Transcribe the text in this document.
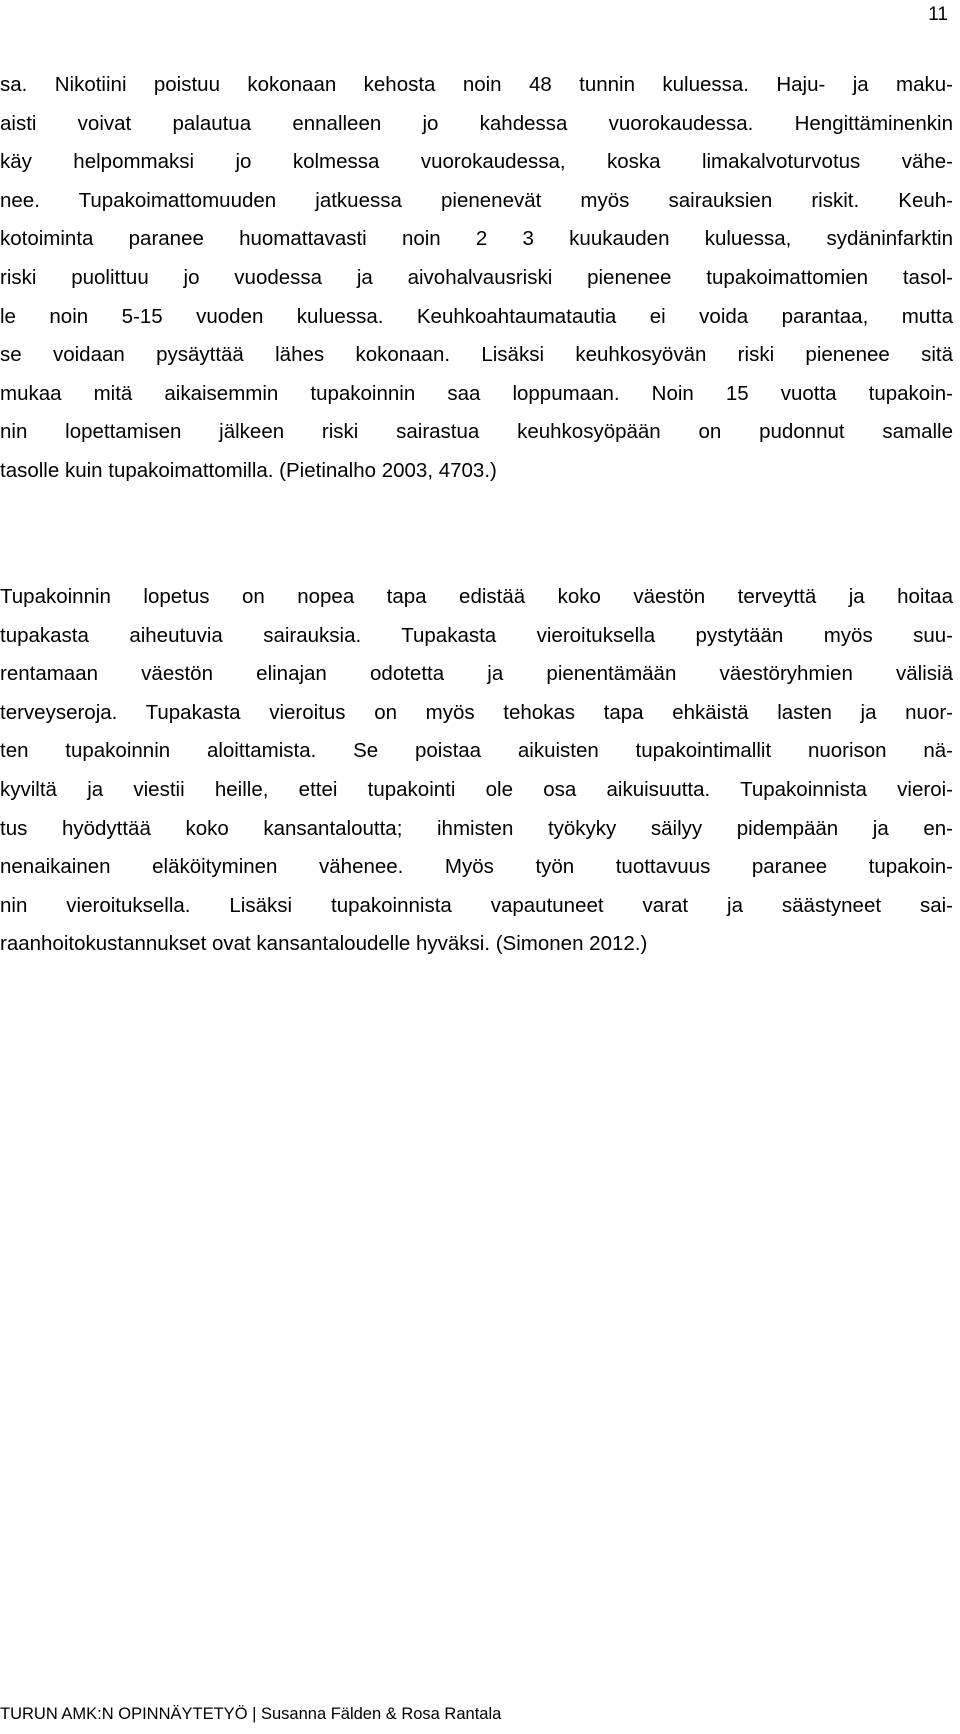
11
sa. Nikotiini poistuu kokonaan kehosta noin 48 tunnin kuluessa. Haju- ja maku-
aisti voivat palautua ennalleen jo kahdessa vuorokaudessa. Hengittäminenkin
käy helpommaksi jo kolmessa vuorokaudessa, koska limakalvoturvotus vähe-
nee. Tupakoimattomuuden jatkuessa pienenevät myös sairauksien riskit. Keuh-
kotoiminta paranee huomattavasti noin 2 3 kuukauden kuluessa, sydäninfarktin
riski puolittuu jo vuodessa ja aivohalvausriski pienenee tupakoimattomien tasol-
le noin 5-15 vuoden kuluessa. Keuhkoahtaumatautia ei voida parantaa, mutta
se voidaan pysäyttää lähes kokonaan. Lisäksi keuhkosyövän riski pienenee sitä
mukaa mitä aikaisemmin tupakoinnin saa loppumaan. Noin 15 vuotta tupakoin-
nin lopettamisen jälkeen riski sairastua keuhkosyöpään on pudonnut samalle
tasolle kuin tupakoimattomilla. (Pietinalho 2003, 4703.)
Tupakoinnin lopetus on nopea tapa edistää koko väestön terveyttä ja hoitaa
tupakasta aiheutuvia sairauksia. Tupakasta vieroituksella pystytään myös suu-
rentamaan väestön elinajan odotetta ja pienentämään väestöryhmien välisiä
terveyseroja. Tupakasta vieroitus on myös tehokas tapa ehkäistä lasten ja nuor-
ten tupakoinnin aloittamista. Se poistaa aikuisten tupakointimallit nuorison nä-
kyviltä ja viestii heille, ettei tupakointi ole osa aikuisuutta. Tupakoinnista vieroi-
tus hyödyttää koko kansantaloutta; ihmisten työkyky säilyy pidempään ja en-
nenaikainen eläköityminen vähenee. Myös työn tuottavuus paranee tupakoin-
nin vieroituksella. Lisäksi tupakoinnista vapautuneet varat ja säästyneet sai-
raanhoitokustannukset ovat kansantaloudelle hyväksi. (Simonen 2012.)
TURUN AMK:N OPINNÄYTETYÖ | Susanna Fälden & Rosa Rantala
